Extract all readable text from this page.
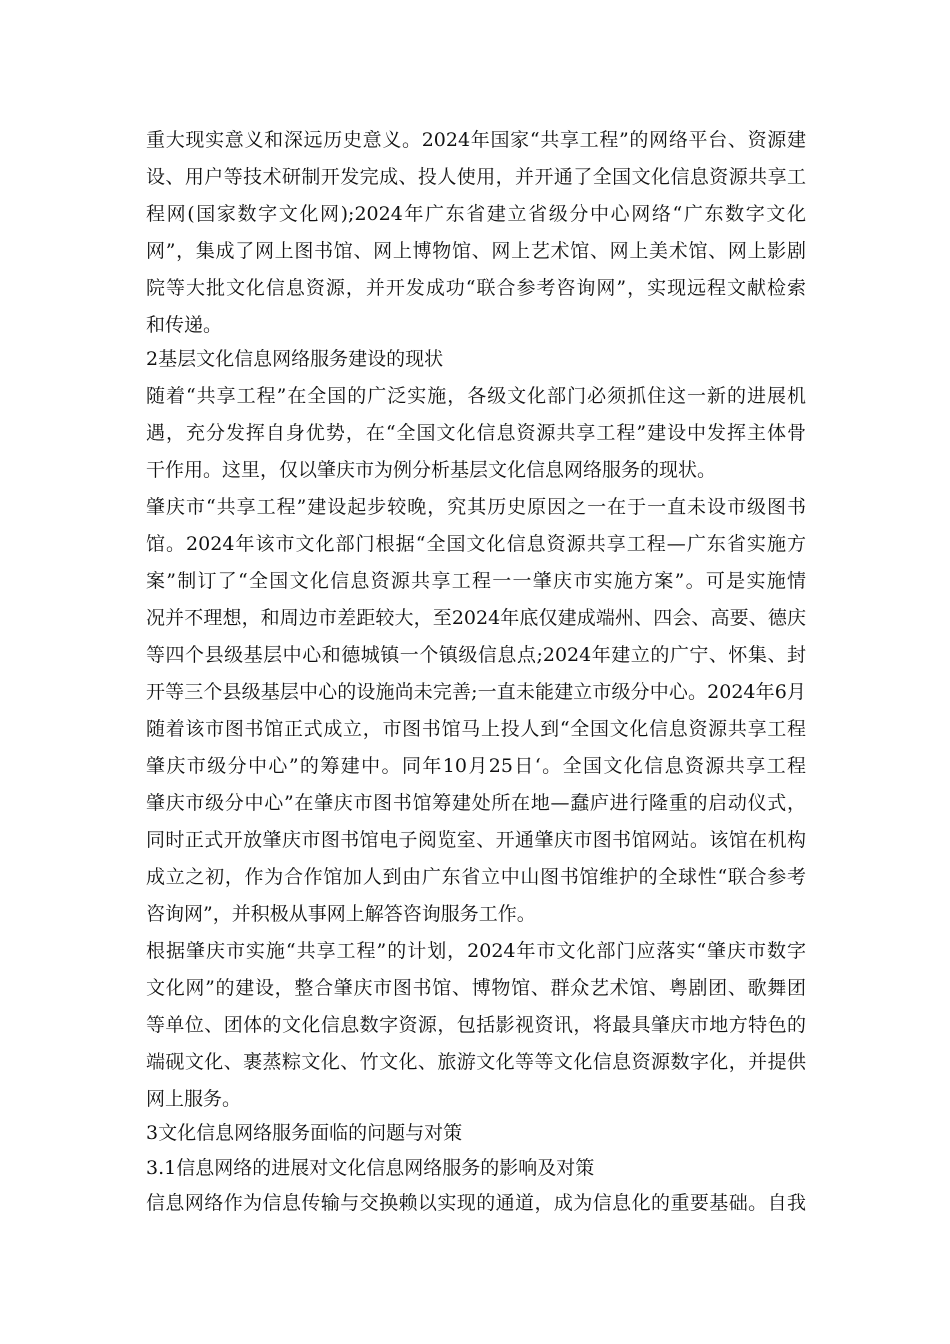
重大现实意义和深远历史意义。2024年国家“共享工程”的网络平台、资源建
设、用户等技术研制开发完成、投人使用，并开通了全国文化信息资源共享工
程网(国家数字文化网);2024年广东省建立省级分中心网络“广东数字文化
网”，集成了网上图书馆、网上博物馆、网上艺术馆、网上美术馆、网上影剧
院等大批文化信息资源，并开发成功“联合参考咨询网”，实现远程文献检索
和传递。
2基层文化信息网络服务建设的现状
随着“共享工程”在全国的广泛实施，各级文化部门必须抓住这一新的进展机
遇，充分发挥自身优势，在“全国文化信息资源共享工程”建设中发挥主体骨
干作用。这里，仅以肇庆市为例分析基层文化信息网络服务的现状。
肇庆市“共享工程”建设起步较晚，究其历史原因之一在于一直未设市级图书
馆。2024年该市文化部门根据“全国文化信息资源共享工程—广东省实施方
案”制订了“全国文化信息资源共享工程一一肇庆市实施方案”。可是实施情
况并不理想，和周边市差距较大，至2024年底仅建成端州、四会、高要、德庆
等四个县级基层中心和德城镇一个镇级信息点;2024年建立的广宁、怀集、封
开等三个县级基层中心的设施尚未完善;一直未能建立市级分中心。2024年6月
随着该市图书馆正式成立，市图书馆马上投人到“全国文化信息资源共享工程
肇庆市级分中心”的筹建中。同年10月25日‘。全国文化信息资源共享工程
肇庆市级分中心”在肇庆市图书馆筹建处所在地—蠢庐进行隆重的启动仪式，
同时正式开放肇庆市图书馆电子阅览室、开通肇庆市图书馆网站。该馆在机构
成立之初，作为合作馆加人到由广东省立中山图书馆维护的全球性“联合参考
咨询网”，并积极从事网上解答咨询服务工作。
根据肇庆市实施“共享工程”的计划，2024年市文化部门应落实“肇庆市数字
文化网”的建设，整合肇庆市图书馆、博物馆、群众艺术馆、粤剧团、歌舞团
等单位、团体的文化信息数字资源，包括影视资讯，将最具肇庆市地方特色的
端砚文化、裹蒸粽文化、竹文化、旅游文化等等文化信息资源数字化，并提供
网上服务。
3文化信息网络服务面临的问题与对策
3.1信息网络的进展对文化信息网络服务的影响及对策
信息网络作为信息传输与交换赖以实现的通道，成为信息化的重要基础。自我
